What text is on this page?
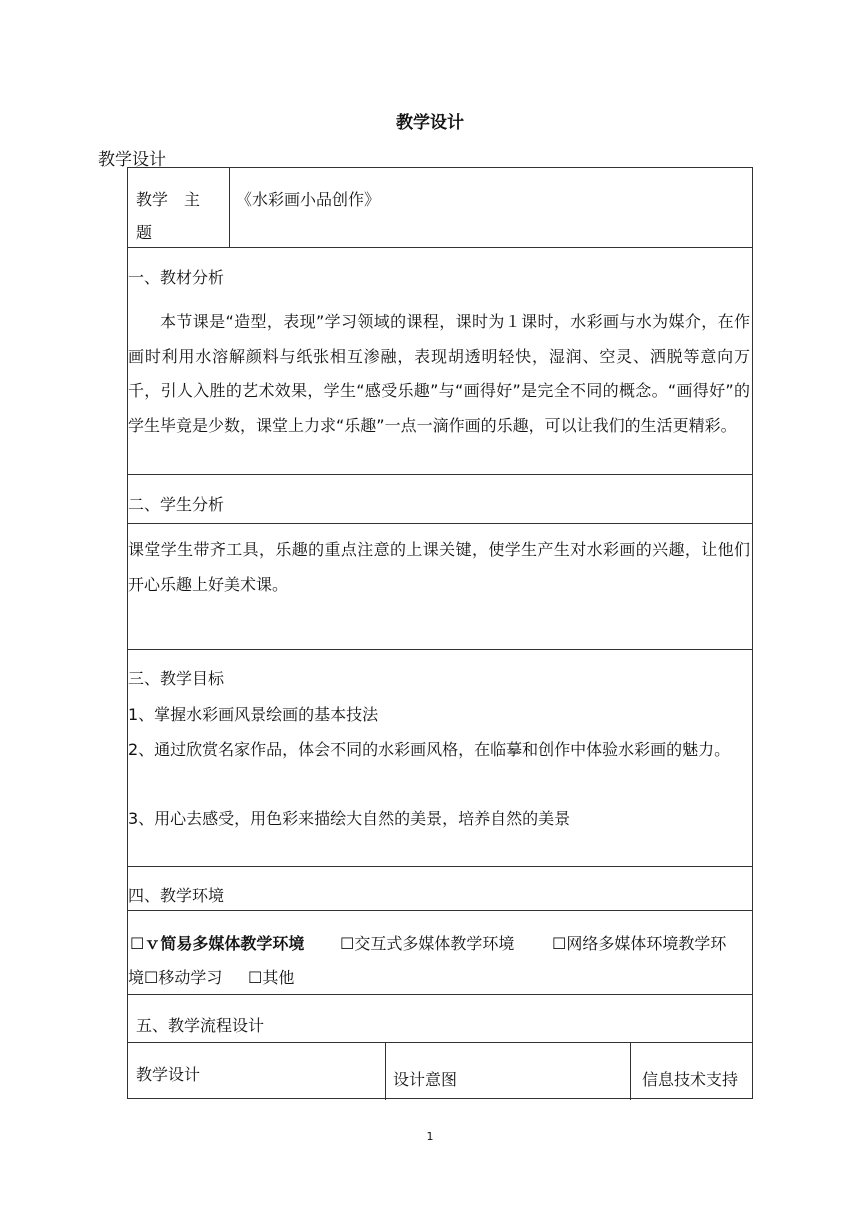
教学设计
教学设计
教学　主
题
《水彩画小品创作》
一、教材分析
本节课是“造型，表现”学习领域的课程，课时为１课时，水彩画与水为媒介，在作画时利用水溶解颜料与纸张相互渗融，表现胡透明轻快，湿润、空灵、洒脱等意向万千，引人入胜的艺术效果，学生“感受乐趣”与“画得好”是完全不同的概念。“画得好”的学生毕竟是少数，课堂上力求“乐趣”一点一滴作画的乐趣，可以让我们的生活更精彩。
二、学生分析
课堂学生带齐工具，乐趣的重点注意的上课关键，使学生产生对水彩画的兴趣，让他们开心乐趣上好美术课。
三、教学目标
1、掌握水彩画风景绘画的基本技法
2、通过欣赏名家作品，体会不同的水彩画风格，在临摹和创作中体验水彩画的魅力。
3、用心去感受，用色彩来描绘大自然的美景，培养自然的美景
四、教学环境
☐ｖ简易多媒体教学环境 ☐交互式多媒体教学环境 ☐网络多媒体环境教学环
境 ☐移动学习 ☐其他
五、教学流程设计
教学设计	设计意图	信息技术支持
1
